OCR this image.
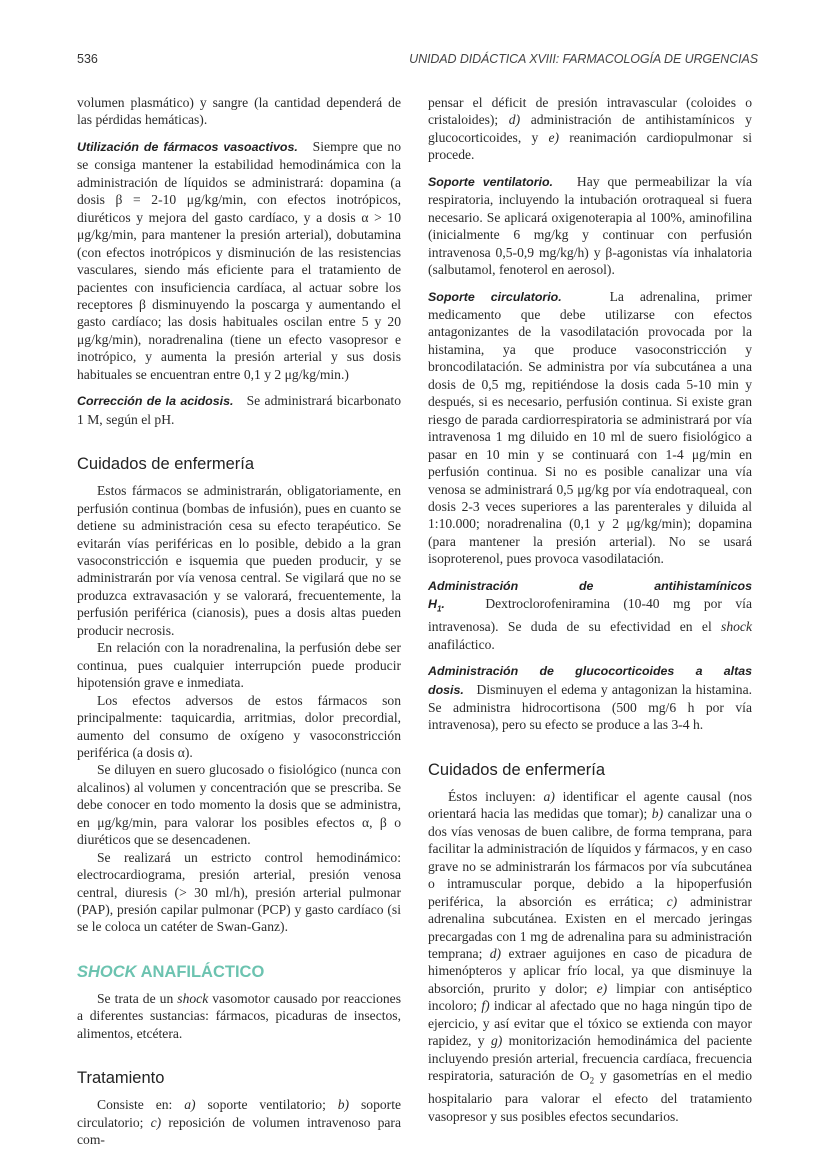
536	UNIDAD DIDÁCTICA XVIII: FARMACOLOGÍA DE URGENCIAS

volumen plasmático) y sangre (la cantidad dependerá de las pérdidas hemáticas).

Utilización de fármacos vasoactivos. Siempre que no se consiga mantener la estabilidad hemodinámica con la administración de líquidos se administrará: dopamina (a dosis β = 2-10 μg/kg/min, con efectos inotrópicos, diuréticos y mejora del gasto cardíaco, y a dosis α > 10 μg/kg/min, para mantener la presión arterial), dobutamina (con efectos inotrópicos y disminución de las resistencias vasculares, siendo más eficiente para el tratamiento de pacientes con insuficiencia cardíaca, al actuar sobre los receptores β disminuyendo la poscarga y aumentando el gasto cardíaco; las dosis habituales oscilan entre 5 y 20 μg/kg/min), noradrenalina (tiene un efecto vasopresor e inotrópico, y aumenta la presión arterial y sus dosis habituales se encuentran entre 0,1 y 2 μg/kg/min.)

Corrección de la acidosis. Se administrará bicarbonato 1 M, según el pH.

Cuidados de enfermería

Estos fármacos se administrarán, obligatoriamente, en perfusión continua (bombas de infusión), pues en cuanto se detiene su administración cesa su efecto terapéutico. Se evitarán vías periféricas en lo posible, debido a la gran vasoconstricción e isquemia que pueden producir, y se administrarán por vía venosa central. Se vigilará que no se produzca extravasación y se valorará, frecuentemente, la perfusión periférica (cianosis), pues a dosis altas pueden producir necrosis.

En relación con la noradrenalina, la perfusión debe ser continua, pues cualquier interrupción puede producir hipotensión grave e inmediata.

Los efectos adversos de estos fármacos son principalmente: taquicardia, arritmias, dolor precordial, aumento del consumo de oxígeno y vasoconstricción periférica (a dosis α).

Se diluyen en suero glucosado o fisiológico (nunca con alcalinos) al volumen y concentración que se prescriba. Se debe conocer en todo momento la dosis que se administra, en μg/kg/min, para valorar los posibles efectos α, β o diuréticos que se desencadenen.

Se realizará un estricto control hemodinámico: electrocardiograma, presión arterial, presión venosa central, diuresis (> 30 ml/h), presión arterial pulmonar (PAP), presión capilar pulmonar (PCP) y gasto cardíaco (si se le coloca un catéter de Swan-Ganz).

SHOCK ANAFILÁCTICO

Se trata de un shock vasomotor causado por reacciones a diferentes sustancias: fármacos, picaduras de insectos, alimentos, etcétera.

Tratamiento

Consiste en: a) soporte ventilatorio; b) soporte circulatorio; c) reposición de volumen intravenoso para com-

pensar el déficit de presión intravascular (coloides o cristaloides); d) administración de antihistamínicos y glucocorticoides, y e) reanimación cardiopulmonar si procede.

Soporte ventilatorio. Hay que permeabilizar la vía respiratoria, incluyendo la intubación orotraqueal si fuera necesario. Se aplicará oxigenoterapia al 100%, aminofilina (inicialmente 6 mg/kg y continuar con perfusión intravenosa 0,5-0,9 mg/kg/h) y β-agonistas vía inhalatoria (salbutamol, fenoterol en aerosol).

Soporte circulatorio.	La adrenalina, primer medicamento que debe utilizarse con efectos antagonizantes de la vasodilatación provocada por la histamina, ya que produce vasoconstricción y broncodilatación. Se administra por vía subcutánea a una dosis de 0,5 mg, repitiéndose la dosis cada 5-10 min y después, si es necesario, perfusión continua. Si existe gran riesgo de parada cardiorrespiratoria se administrará por vía intravenosa 1 mg diluido en 10 ml de suero fisiológico a pasar en 10 min y se continuará con 1-4 μg/min en perfusión continua. Si no es posible canalizar una vía venosa se administrará 0,5 μg/kg por vía endotraqueal, con dosis 2-3 veces superiores a las parenterales y diluida al 1:10.000; noradrenalina (0,1 y 2 μg/kg/min); dopamina (para mantener la presión arterial). No se usará isoproterenol, pues provoca vasodilatación.

Administración de antihistamínicos $H_1$.	Dextroclorofeniramina (10-40 mg por vía intravenosa). Se duda de su efectividad en el shock anafiláctico.

Administración de glucocorticoides a altas dosis. Disminuyen el edema y antagonizan la histamina. Se administra hidrocortisona (500 mg/6 h por vía intravenosa), pero su efecto se produce a las 3-4 h.

Cuidados de enfermería

Éstos incluyen: a) identificar el agente causal (nos orientará hacia las medidas que tomar); b) canalizar una o dos vías venosas de buen calibre, de forma temprana, para facilitar la administración de líquidos y fármacos, y en caso grave no se administrarán los fármacos por vía subcutánea o intramuscular porque, debido a la hipoperfusión periférica, la absorción es errática; c) administrar adrenalina subcutánea. Existen en el mercado jeringas precargadas con 1 mg de adrenalina para su administración temprana; d) extraer aguijones en caso de picadura de himenópteros y aplicar frío local, ya que disminuye la absorción, prurito y dolor; e) limpiar con antiséptico incoloro; f) indicar al afectado que no haga ningún tipo de ejercicio, y así evitar que el tóxico se extienda con mayor rapidez, y g) monitorización hemodinámica del paciente incluyendo presión arterial, frecuencia cardíaca, frecuencia respiratoria, saturación de $O_2$ y gasometrías en el medio hospitalario para valorar el efecto del tratamiento vasopresor y sus posibles efectos secundarios.
